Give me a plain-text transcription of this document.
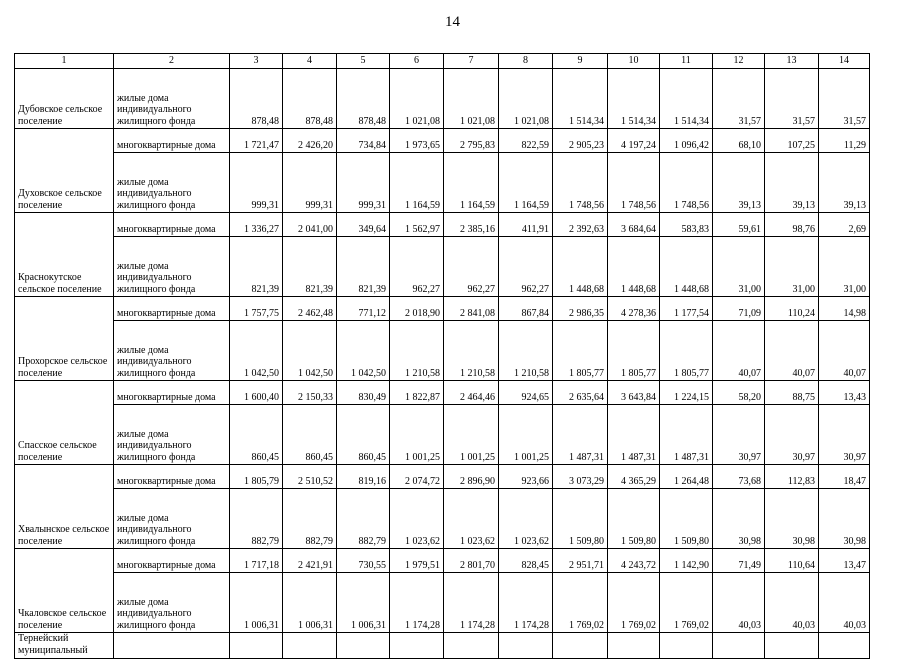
14
1	2	3	4	5	6	7	8	9	10	11	12	13	14
Дубовское сельское поселение	жилые дома индивидуального жилищного фонда	878,48	878,48	878,48	1 021,08	1 021,08	1 021,08	1 514,34	1 514,34	1 514,34	31,57	31,57	31,57
	многоквартирные дома	1 721,47	2 426,20	734,84	1 973,65	2 795,83	822,59	2 905,23	4 197,24	1 096,42	68,10	107,25	11,29
Духовское сельское поселение	жилые дома индивидуального жилищного фонда	999,31	999,31	999,31	1 164,59	1 164,59	1 164,59	1 748,56	1 748,56	1 748,56	39,13	39,13	39,13
	многоквартирные дома	1 336,27	2 041,00	349,64	1 562,97	2 385,16	411,91	2 392,63	3 684,64	583,83	59,61	98,76	2,69
Краснокутское сельское поселение	жилые дома индивидуального жилищного фонда	821,39	821,39	821,39	962,27	962,27	962,27	1 448,68	1 448,68	1 448,68	31,00	31,00	31,00
	многоквартирные дома	1 757,75	2 462,48	771,12	2 018,90	2 841,08	867,84	2 986,35	4 278,36	1 177,54	71,09	110,24	14,98
Прохорское сельское поселение	жилые дома индивидуального жилищного фонда	1 042,50	1 042,50	1 042,50	1 210,58	1 210,58	1 210,58	1 805,77	1 805,77	1 805,77	40,07	40,07	40,07
	многоквартирные дома	1 600,40	2 150,33	830,49	1 822,87	2 464,46	924,65	2 635,64	3 643,84	1 224,15	58,20	88,75	13,43
Спасское сельское поселение	жилые дома индивидуального жилищного фонда	860,45	860,45	860,45	1 001,25	1 001,25	1 001,25	1 487,31	1 487,31	1 487,31	30,97	30,97	30,97
	многоквартирные дома	1 805,79	2 510,52	819,16	2 074,72	2 896,90	923,66	3 073,29	4 365,29	1 264,48	73,68	112,83	18,47
Хвалынское сельское поселение	жилые дома индивидуального жилищного фонда	882,79	882,79	882,79	1 023,62	1 023,62	1 023,62	1 509,80	1 509,80	1 509,80	30,98	30,98	30,98
	многоквартирные дома	1 717,18	2 421,91	730,55	1 979,51	2 801,70	828,45	2 951,71	4 243,72	1 142,90	71,49	110,64	13,47
Чкаловское сельское поселение	жилые дома индивидуального жилищного фонда	1 006,31	1 006,31	1 006,31	1 174,28	1 174,28	1 174,28	1 769,02	1 769,02	1 769,02	40,03	40,03	40,03
Тернейский муниципальный													
